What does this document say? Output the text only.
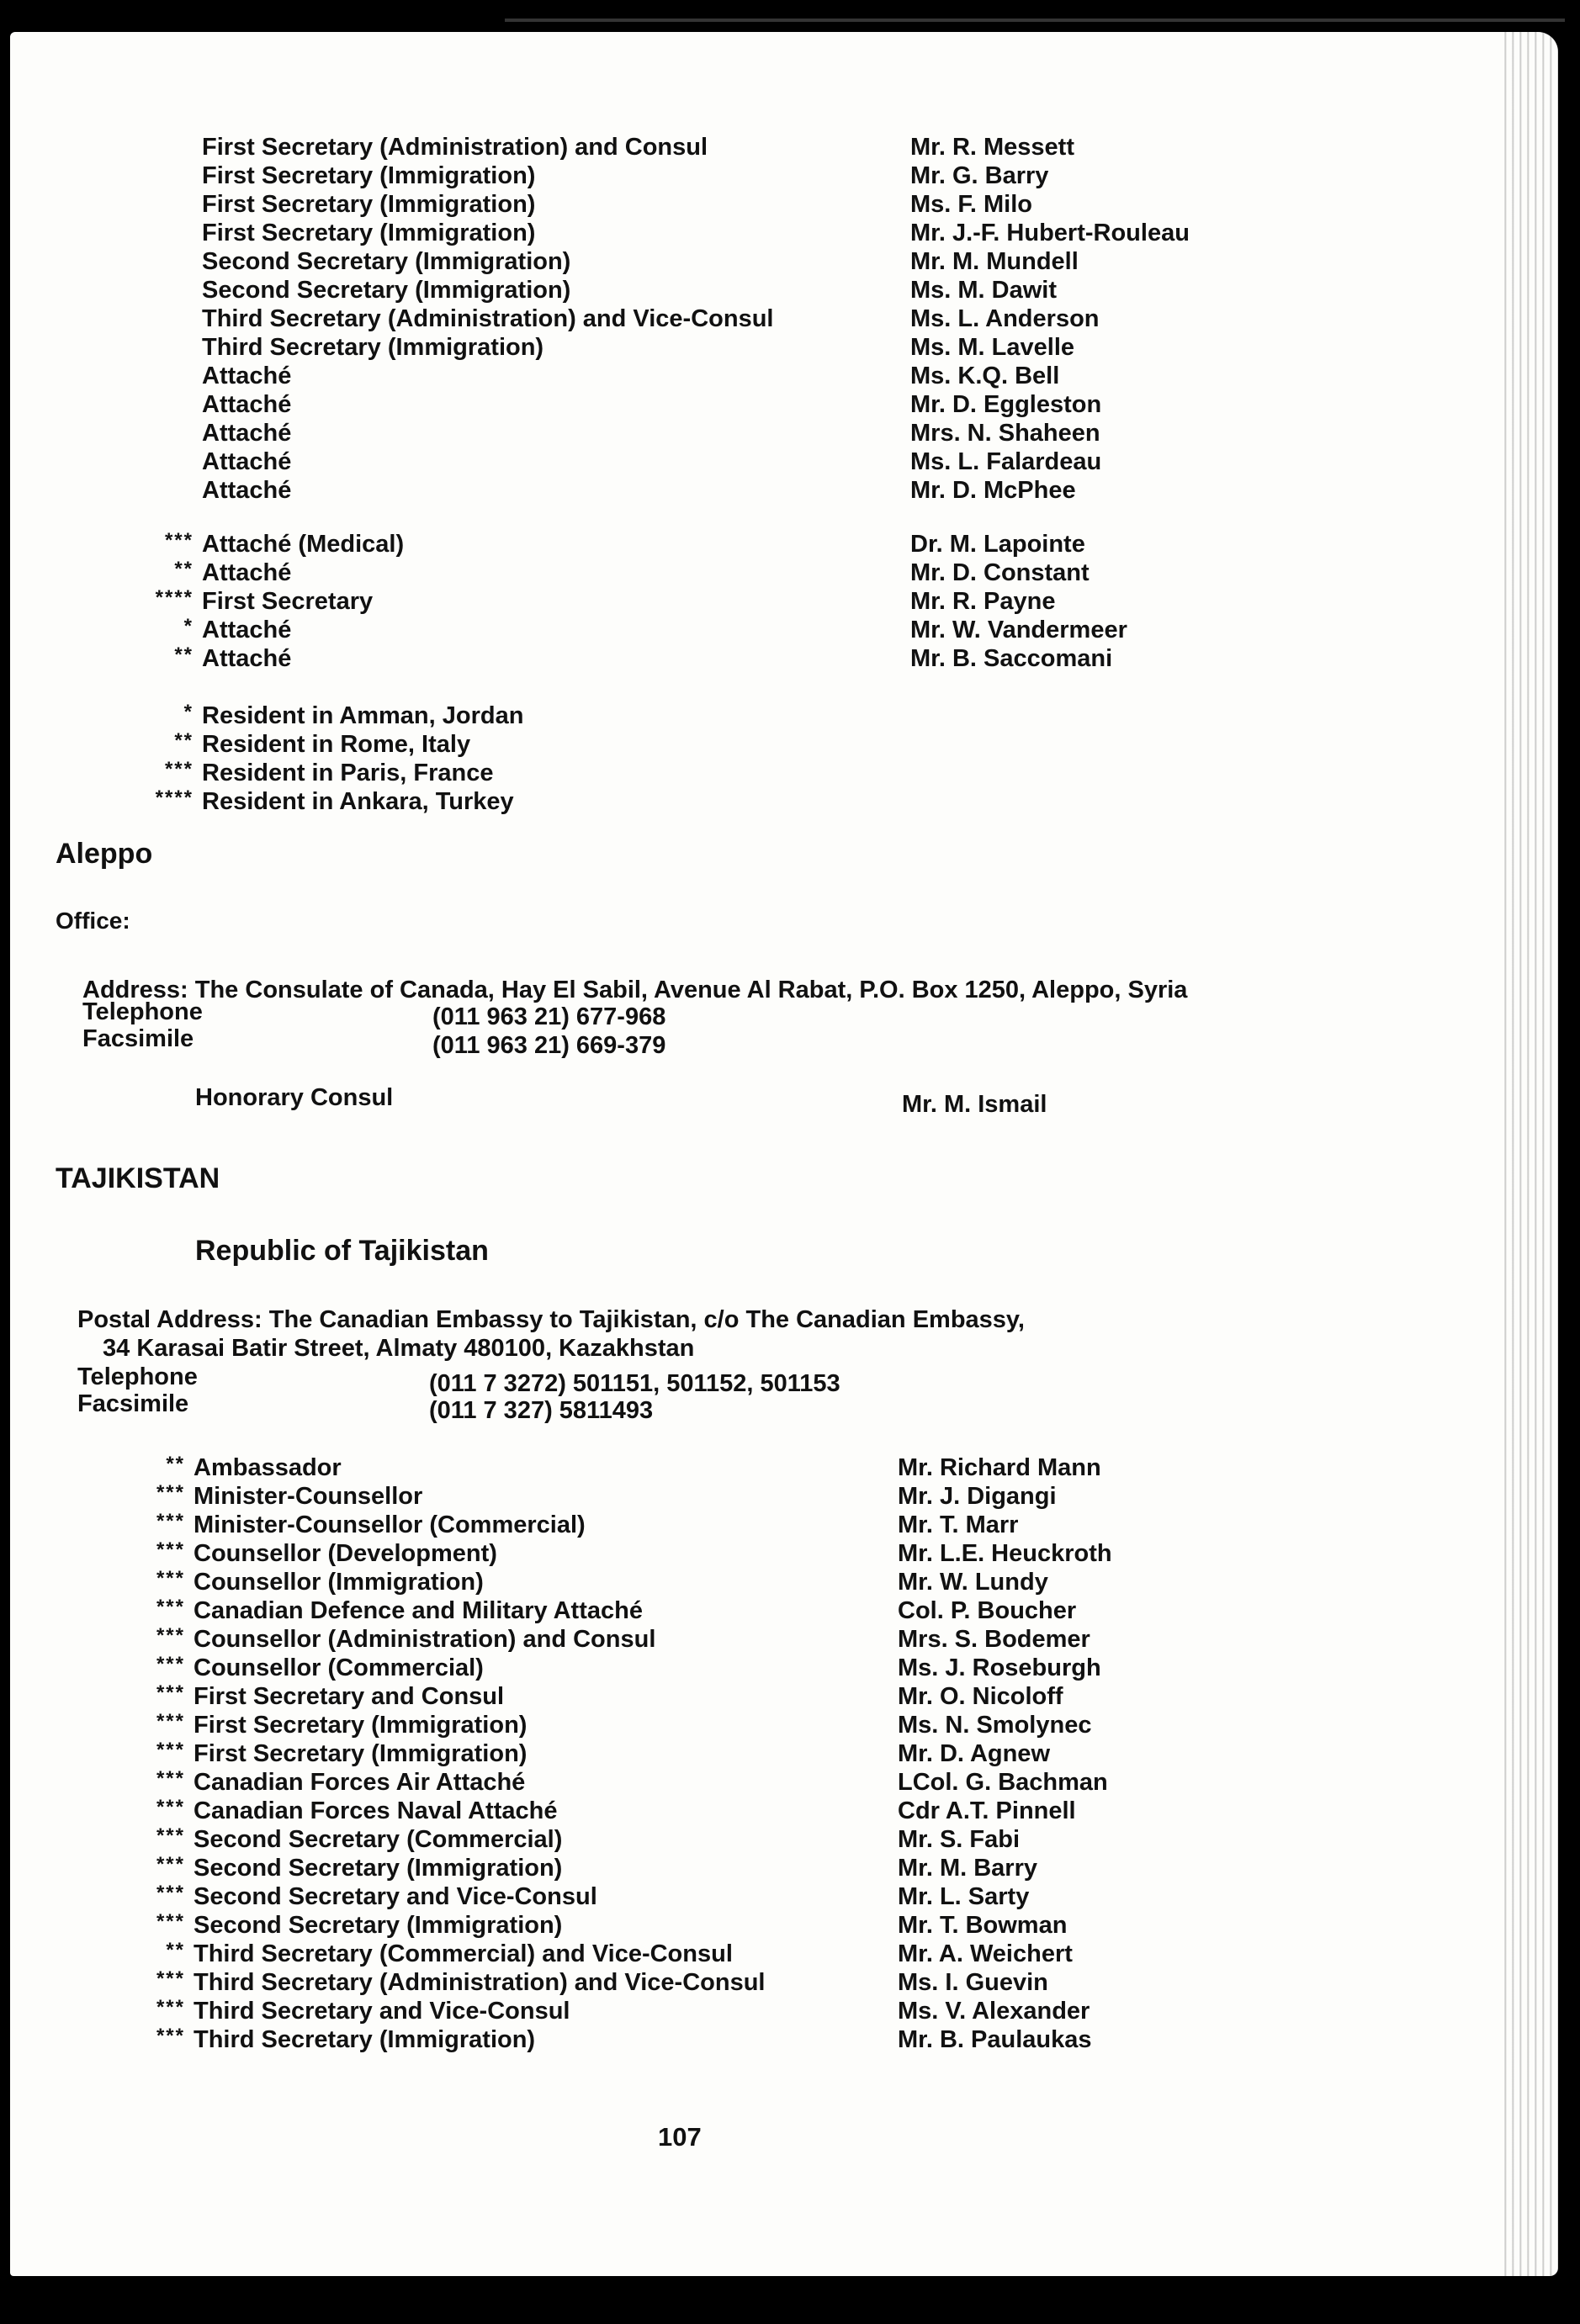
First Secretary (Administration) and Consul	Mr. R. Messett
First Secretary (Immigration)	Mr. G. Barry
First Secretary (Immigration)	Ms. F. Milo
First Secretary (Immigration)	Mr. J.-F. Hubert-Rouleau
Second Secretary (Immigration)	Mr. M. Mundell
Second Secretary (Immigration)	Ms. M. Dawit
Third Secretary (Administration) and Vice-Consul	Ms. L. Anderson
Third Secretary (Immigration)	Ms. M. Lavelle
Attaché	Ms. K.Q. Bell
Attaché	Mr. D. Eggleston
Attaché	Mrs. N. Shaheen
Attaché	Ms. L. Falardeau
Attaché	Mr. D. McPhee
*** Attaché (Medical)	Dr. M. Lapointe
** Attaché	Mr. D. Constant
**** First Secretary	Mr. R. Payne
* Attaché	Mr. W. Vandermeer
** Attaché	Mr. B. Saccomani
* Resident in Amman, Jordan
** Resident in Rome, Italy
*** Resident in Paris, France
**** Resident in Ankara, Turkey
Aleppo
Office:
Address: The Consulate of Canada, Hay El Sabil, Avenue Al Rabat, P.O. Box 1250, Aleppo, Syria
Telephone	(011 963 21) 677-968
Facsimile	(011 963 21) 669-379
Honorary Consul	Mr. M. Ismail
TAJIKISTAN
Republic of Tajikistan
Postal Address: The Canadian Embassy to Tajikistan, c/o The Canadian Embassy,
34 Karasai Batir Street, Almaty 480100, Kazakhstan
Telephone	(011 7 3272) 501151, 501152, 501153
Facsimile	(011 7 327) 5811493
** Ambassador	Mr. Richard Mann
*** Minister-Counsellor	Mr. J. Digangi
*** Minister-Counsellor (Commercial)	Mr. T. Marr
*** Counsellor (Development)	Mr. L.E. Heuckroth
*** Counsellor (Immigration)	Mr. W. Lundy
*** Canadian Defence and Military Attaché	Col. P. Boucher
*** Counsellor (Administration) and Consul	Mrs. S. Bodemer
*** Counsellor (Commercial)	Ms. J. Roseburgh
*** First Secretary and Consul	Mr. O. Nicoloff
*** First Secretary (Immigration)	Ms. N. Smolynec
*** First Secretary (Immigration)	Mr. D. Agnew
*** Canadian Forces Air Attaché	LCol. G. Bachman
*** Canadian Forces Naval Attaché	Cdr A.T. Pinnell
*** Second Secretary (Commercial)	Mr. S. Fabi
*** Second Secretary (Immigration)	Mr. M. Barry
*** Second Secretary and Vice-Consul	Mr. L. Sarty
*** Second Secretary (Immigration)	Mr. T. Bowman
** Third Secretary (Commercial) and Vice-Consul	Mr. A. Weichert
*** Third Secretary (Administration) and Vice-Consul	Ms. I. Guevin
*** Third Secretary and Vice-Consul	Ms. V. Alexander
*** Third Secretary (Immigration)	Mr. B. Paulaukas
107
